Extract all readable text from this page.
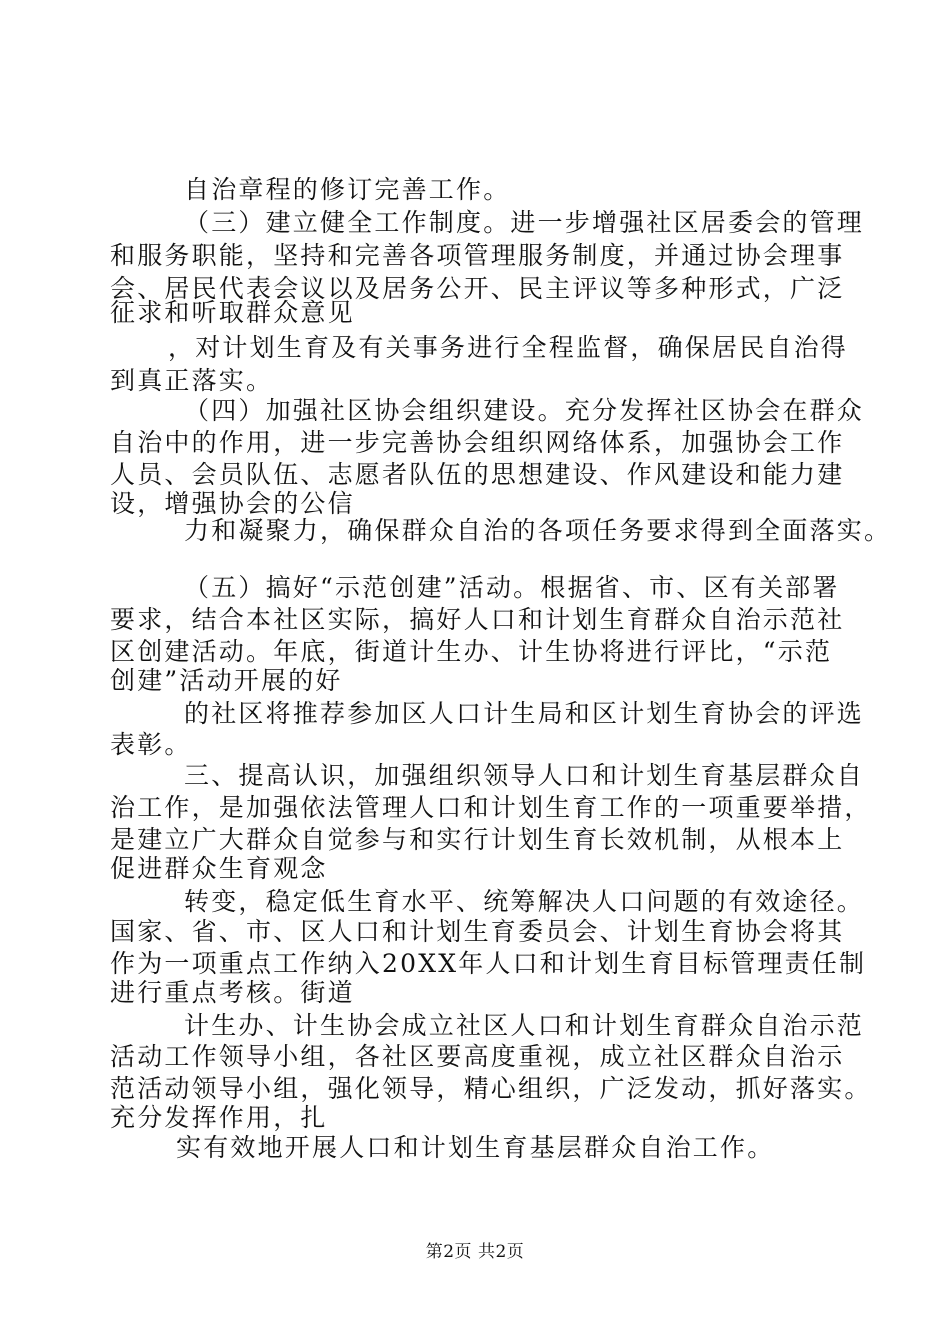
自治章程的修订完善工作。
（三）建立健全工作制度。进一步增强社区居委会的管理
和服务职能，坚持和完善各项管理服务制度，并通过协会理事
会、居民代表会议以及居务公开、民主评议等多种形式，广泛
征求和听取群众意见
，对计划生育及有关事务进行全程监督，确保居民自治得
到真正落实。
（四）加强社区协会组织建设。充分发挥社区协会在群众
自治中的作用，进一步完善协会组织网络体系，加强协会工作
人员、会员队伍、志愿者队伍的思想建设、作风建设和能力建
设，增强协会的公信
力和凝聚力，确保群众自治的各项任务要求得到全面落实。
（五）搞好“示范创建”活动。根据省、市、区有关部署
要求，结合本社区实际，搞好人口和计划生育群众自治示范社
区创建活动。年底，街道计生办、计生协将进行评比，“示范
创建”活动开展的好
的社区将推荐参加区人口计生局和区计划生育协会的评选
表彰。
三、提高认识，加强组织领导人口和计划生育基层群众自
治工作，是加强依法管理人口和计划生育工作的一项重要举措，
是建立广大群众自觉参与和实行计划生育长效机制，从根本上
促进群众生育观念
转变，稳定低生育水平、统筹解决人口问题的有效途径。
国家、省、市、区人口和计划生育委员会、计划生育协会将其
作为一项重点工作纳入20XX年人口和计划生育目标管理责任制
进行重点考核。街道
计生办、计生协会成立社区人口和计划生育群众自治示范
活动工作领导小组，各社区要高度重视，成立社区群众自治示
范活动领导小组，强化领导，精心组织，广泛发动，抓好落实。
充分发挥作用，扎
实有效地开展人口和计划生育基层群众自治工作。
第2页 共2页
